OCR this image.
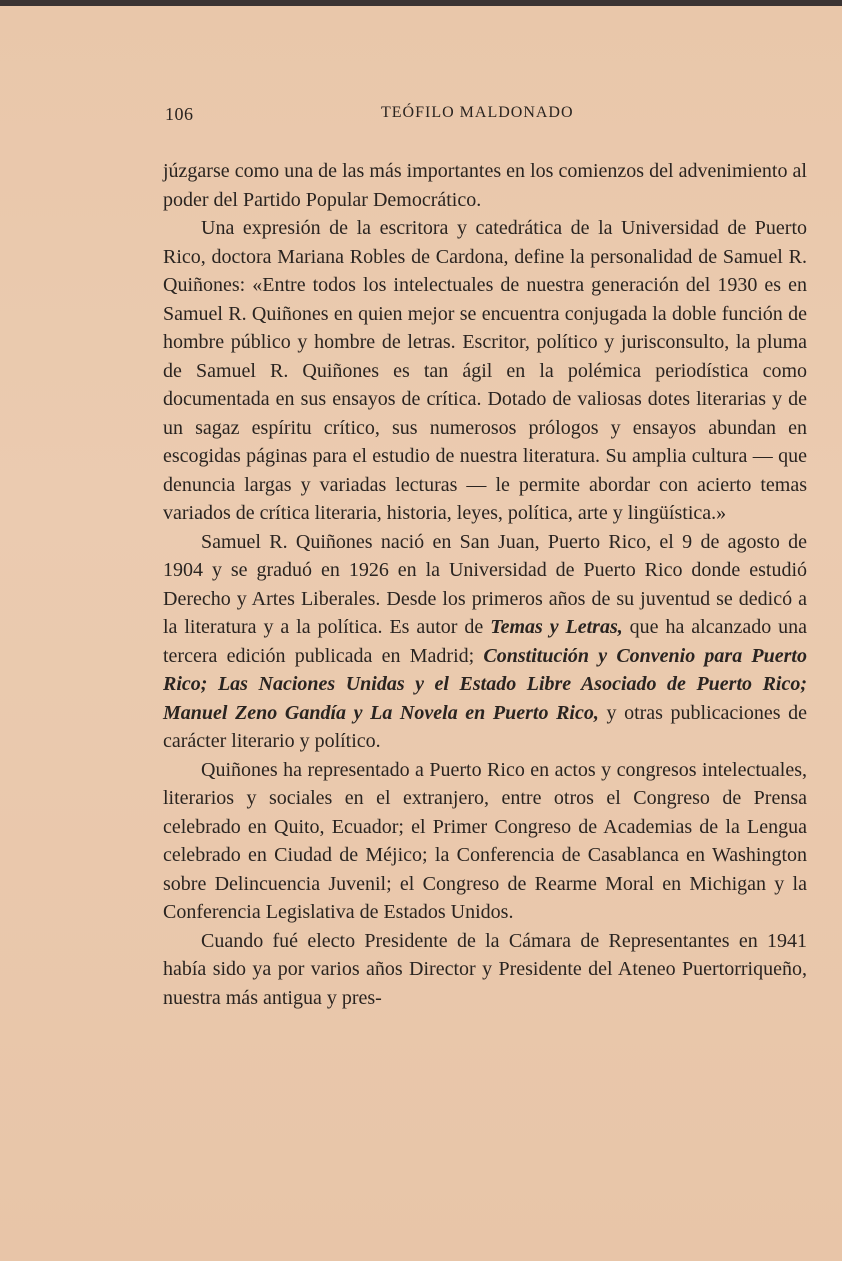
106	TEÓFILO MALDONADO

júzgarse como una de las más importantes en los comienzos del advenimiento al poder del Partido Popular Democrático.

Una expresión de la escritora y catedrática de la Universidad de Puerto Rico, doctora Mariana Robles de Cardona, define la personalidad de Samuel R. Quiñones: «Entre todos los intelectuales de nuestra generación del 1930 es en Samuel R. Quiñones en quien mejor se encuentra conjugada la doble función de hombre público y hombre de letras. Escritor, político y jurisconsulto, la pluma de Samuel R. Quiñones es tan ágil en la polémica periodística como documentada en sus ensayos de crítica. Dotado de valiosas dotes literarias y de un sagaz espíritu crítico, sus numerosos prólogos y ensayos abundan en escogidas páginas para el estudio de nuestra literatura. Su amplia cultura — que denuncia largas y variadas lecturas — le permite abordar con acierto temas variados de crítica literaria, historia, leyes, política, arte y lingüística.»

Samuel R. Quiñones nació en San Juan, Puerto Rico, el 9 de agosto de 1904 y se graduó en 1926 en la Universidad de Puerto Rico donde estudió Derecho y Artes Liberales. Desde los primeros años de su juventud se dedicó a la literatura y a la política. Es autor de Temas y Letras, que ha alcanzado una tercera edición publicada en Madrid; Constitución y Convenio para Puerto Rico; Las Naciones Unidas y el Estado Libre Asociado de Puerto Rico; Manuel Zeno Gandía y La Novela en Puerto Rico, y otras publicaciones de carácter literario y político.

Quiñones ha representado a Puerto Rico en actos y congresos intelectuales, literarios y sociales en el extranjero, entre otros el Congreso de Prensa celebrado en Quito, Ecuador; el Primer Congreso de Academias de la Lengua celebrado en Ciudad de Méjico; la Conferencia de Casablanca en Washington sobre Delincuencia Juvenil; el Congreso de Rearme Moral en Michigan y la Conferencia Legislativa de Estados Unidos.

Cuando fué electo Presidente de la Cámara de Representantes en 1941 había sido ya por varios años Director y Presidente del Ateneo Puertorriqueño, nuestra más antigua y pres-
